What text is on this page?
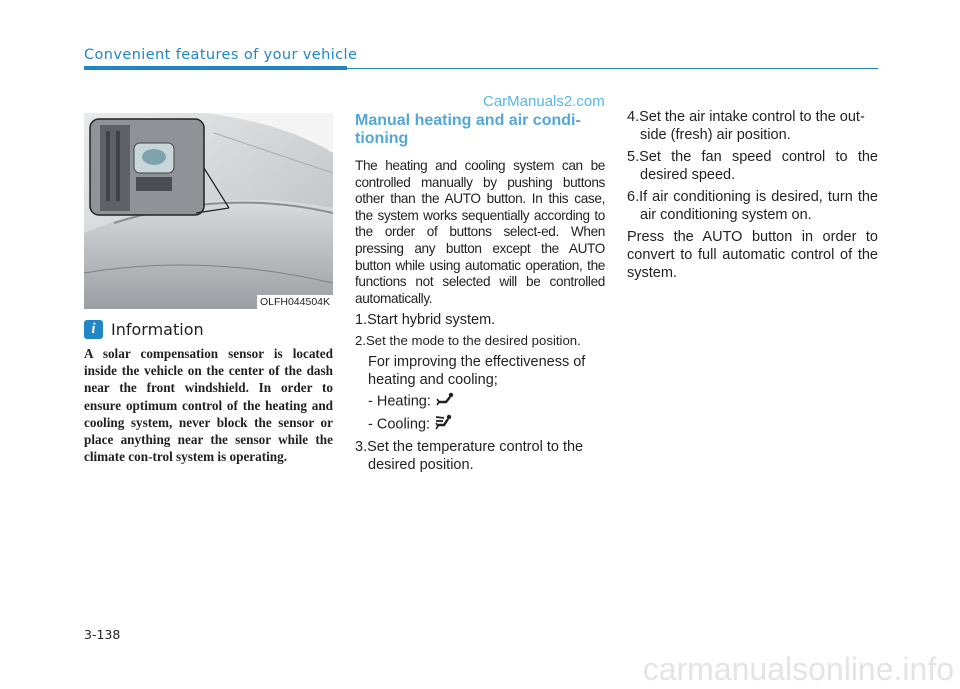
Convenient features of your vehicle
CarManuals2.com
OLFH044504K
i Information
A solar compensation sensor is located inside the vehicle on the center of the dash near the front windshield. In order to ensure optimum control of the heating and cooling system, never block the sensor or place anything near the sensor while the climate con-trol system is operating.
Manual heating and air condi-tioning

The heating and cooling system can be controlled manually by pushing buttons other than the AUTO button. In this case, the system works sequentially according to the order of buttons select-ed. When pressing any button except the AUTO button while using automatic operation, the functions not selected will be controlled automatically.

1.Start hybrid system.

2.Set the mode to the desired position.

For improving the effectiveness of heating and cooling;

- Heating:

- Cooling:

3.Set the temperature control to the desired position.

4.Set the air intake control to the out-side (fresh) air position.

5.Set the fan speed control to the desired speed.

6.If air conditioning is desired, turn the air conditioning system on.

Press the AUTO button in order to convert to full automatic control of the system.

3-138
carmanualsonline.info
